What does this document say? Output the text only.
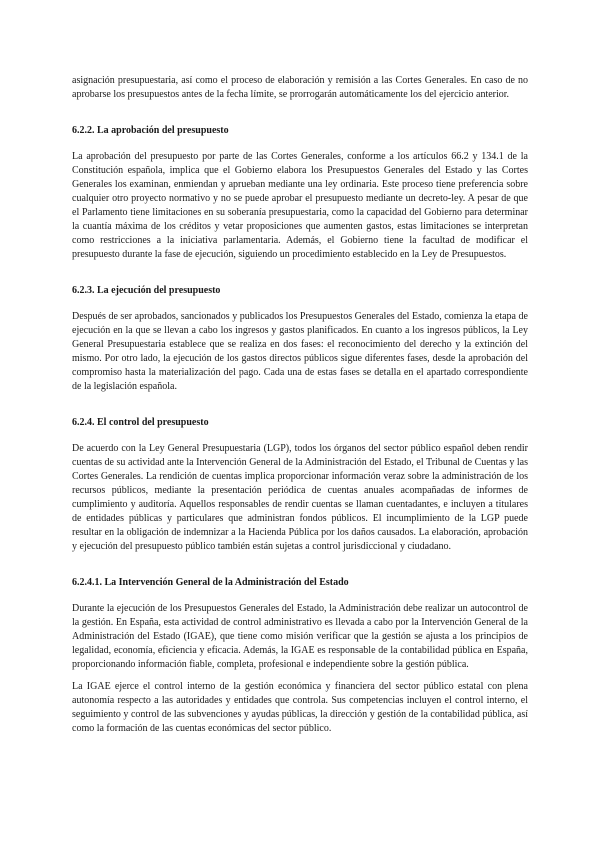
asignación presupuestaria, así como el proceso de elaboración y remisión a las Cortes Generales. En caso de no aprobarse los presupuestos antes de la fecha límite, se prorrogarán automáticamente los del ejercicio anterior.

6.2.2. La aprobación del presupuesto

La aprobación del presupuesto por parte de las Cortes Generales, conforme a los artículos 66.2 y 134.1 de la Constitución española, implica que el Gobierno elabora los Presupuestos Generales del Estado y las Cortes Generales los examinan, enmiendan y aprueban mediante una ley ordinaria. Este proceso tiene preferencia sobre cualquier otro proyecto normativo y no se puede aprobar el presupuesto mediante un decreto-ley. A pesar de que el Parlamento tiene limitaciones en su soberanía presupuestaria, como la capacidad del Gobierno para determinar la cuantía máxima de los créditos y vetar proposiciones que aumenten gastos, estas limitaciones se interpretan como restricciones a la iniciativa parlamentaria. Además, el Gobierno tiene la facultad de modificar el presupuesto durante la fase de ejecución, siguiendo un procedimiento establecido en la Ley de Presupuestos.

6.2.3. La ejecución del presupuesto

Después de ser aprobados, sancionados y publicados los Presupuestos Generales del Estado, comienza la etapa de ejecución en la que se llevan a cabo los ingresos y gastos planificados. En cuanto a los ingresos públicos, la Ley General Presupuestaria establece que se realiza en dos fases: el reconocimiento del derecho y la extinción del mismo. Por otro lado, la ejecución de los gastos directos públicos sigue diferentes fases, desde la aprobación del compromiso hasta la materialización del pago. Cada una de estas fases se detalla en el apartado correspondiente de la legislación española.

6.2.4. El control del presupuesto

De acuerdo con la Ley General Presupuestaria (LGP), todos los órganos del sector público español deben rendir cuentas de su actividad ante la Intervención General de la Administración del Estado, el Tribunal de Cuentas y las Cortes Generales. La rendición de cuentas implica proporcionar información veraz sobre la administración de los recursos públicos, mediante la presentación periódica de cuentas anuales acompañadas de informes de cumplimiento y auditoría. Aquellos responsables de rendir cuentas se llaman cuentadantes, e incluyen a titulares de entidades públicas y particulares que administran fondos públicos. El incumplimiento de la LGP puede resultar en la obligación de indemnizar a la Hacienda Pública por los daños causados. La elaboración, aprobación y ejecución del presupuesto público también están sujetas a control jurisdiccional y ciudadano.

6.2.4.1. La Intervención General de la Administración del Estado

Durante la ejecución de los Presupuestos Generales del Estado, la Administración debe realizar un autocontrol de la gestión. En España, esta actividad de control administrativo es llevada a cabo por la Intervención General de la Administración del Estado (IGAE), que tiene como misión verificar que la gestión se ajusta a los principios de legalidad, economía, eficiencia y eficacia. Además, la IGAE es responsable de la contabilidad pública en España, proporcionando información fiable, completa, profesional e independiente sobre la gestión pública.

La IGAE ejerce el control interno de la gestión económica y financiera del sector público estatal con plena autonomía respecto a las autoridades y entidades que controla. Sus competencias incluyen el control interno, el seguimiento y control de las subvenciones y ayudas públicas, la dirección y gestión de la contabilidad pública, así como la formación de las cuentas económicas del sector público.
